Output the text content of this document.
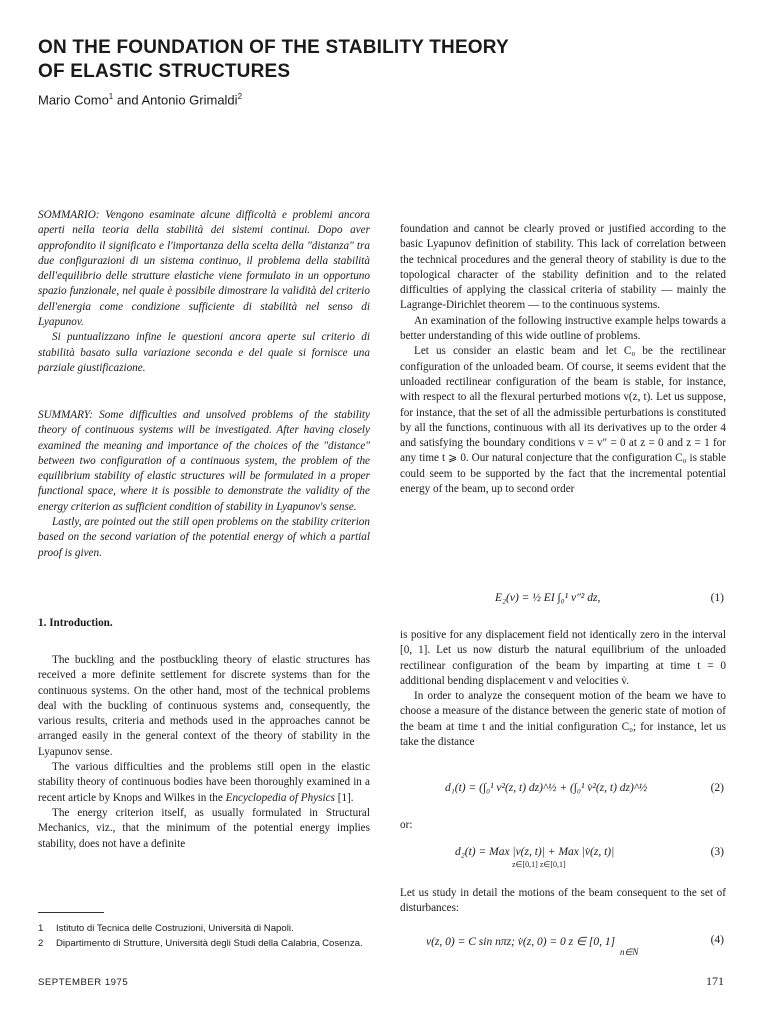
ON THE FOUNDATION OF THE STABILITY THEORY
OF ELASTIC STRUCTURES
Mario Como$^1$ and Antonio Grimaldi$^2$

SOMMARIO: Vengono esaminate alcune difficoltà e problemi ancora aperti nella teoria della stabilità dei sistemi continui. Dopo aver approfondito il significato e l'importanza della scelta della "distanza" tra due configurazioni di un sistema continuo, il problema della stabilità dell'equilibrio delle strutture elastiche viene formulato in un opportuno spazio funzionale, nel quale è possibile dimostrare la validità del criterio dell'energia come condizione sufficiente di stabilità nel senso di Lyapunov.

Si puntualizzano infine le questioni ancora aperte sul criterio di stabilità basato sulla variazione seconda e del quale si fornisce una parziale giustificazione.

SUMMARY: Some difficulties and unsolved problems of the stability theory of continuous systems will be investigated. After having closely examined the meaning and importance of the choices of the "distance" between two configuration of a continuous system, the problem of the equilibrium stability of elastic structures will be formulated in a proper functional space, where it is possible to demonstrate the validity of the energy criterion as sufficient condition of stability in Lyapunov's sense.

Lastly, are pointed out the still open problems on the stability criterion based on the second variation of the potential energy of which a partial proof is given.

1. Introduction.

The buckling and the postbuckling theory of elastic structures has received a more definite settlement for discrete systems than for the continuous systems. On the other hand, most of the technical problems deal with the buckling of continuous systems and, consequently, the various results, criteria and methods used in the approaches cannot be arranged easily in the general context of the theory of stability in the Lyapunov sense.

The various difficulties and the problems still open in the elastic stability theory of continuous bodies have been thoroughly examined in a recent article by Knops and Wilkes in the Encyclopedia of Physics [1].

The energy criterion itself, as usually formulated in Structural Mechanics, viz., that the minimum of the potential energy implies stability, does not have a definite

1 Istituto di Tecnica delle Costruzioni, Università di Napoli.
2 Dipartimento di Strutture, Università degli Studi della Calabria, Cosenza.

foundation and cannot be clearly proved or justified according to the basic Lyapunov definition of stability. This lack of correlation between the technical procedures and the general theory of stability is due to the topological character of the stability definition and to the related difficulties of applying the classical criteria of stability — mainly the Lagrange-Dirichlet theorem — to the continuous systems.

An examination of the following instructive example helps towards a better understanding of this wide outline of problems.

Let us consider an elastic beam and let C₀ be the rectilinear configuration of the unloaded beam. Of course, it seems evident that the unloaded rectilinear configuration of the beam is stable, for instance, with respect to all the flexural perturbed motions v(z, t). Let us suppose, for instance, that the set of all the admissible perturbations is constituted by all the functions, continuous with all its derivatives up to the order 4 and satisfying the boundary conditions v = v″ = 0 at z = 0 and z = 1 for any time t ⩾ 0. Our natural conjecture that the configuration C₀ is stable could seem to be supported by the fact that the incremental potential energy of the beam, up to second order

E₂(v) = ½ EI ∫₀¹ v″² dz,	(1)

is positive for any displacement field not identically zero in the interval [0, 1]. Let us now disturb the natural equilibrium of the unloaded rectilinear configuration of the beam by imparting at time t = 0 additional bending displacement v and velocities v̇.

In order to analyze the consequent motion of the beam we have to choose a measure of the distance between the generic state of motion of the beam at time t and the initial configuration C₀; for instance, let us take the distance

d₁(t) = (∫₀¹ v²(z, t) dz)^½ + (∫₀¹ v̇²(z, t) dz)^½	(2)
or:
d₂(t) = Max |v(z, t)| + Max |v̇(z, t)|
z∈[0,1] z∈[0,1]
(3)
Let us study in detail the motions of the beam consequent to the set of disturbances:
v(z, 0) = C sin nπz; v̇(z, 0) = 0 z ∈ [0, 1]
n∈N
(4)
SEPTEMBER 1975	171
